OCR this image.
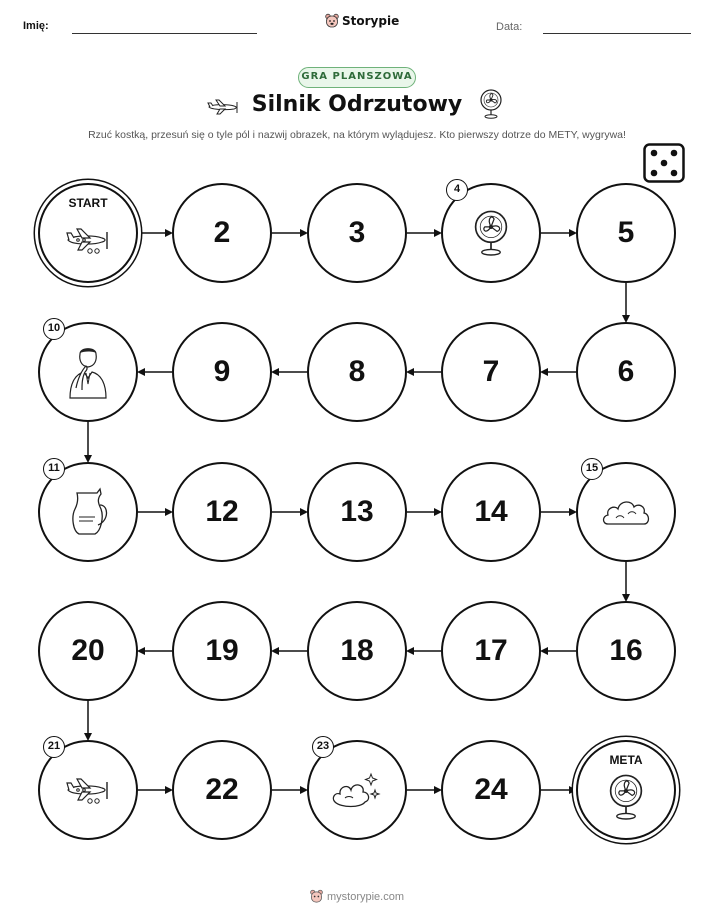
Imię:	Storypie	Data:
GRA PLANSZOWA
Silnik Odrzutowy
Rzuć kostką, przesuń się o tyle pól i nazwij obrazek, na którym wylądujesz. Kto pierwszy dotrze do METY, wygrywa!
START
2	3
4
5
6
7
8
9
10
11
12	13	14
15
16
17
18
19
20
21
22
23
24
META
mystorypie.com
